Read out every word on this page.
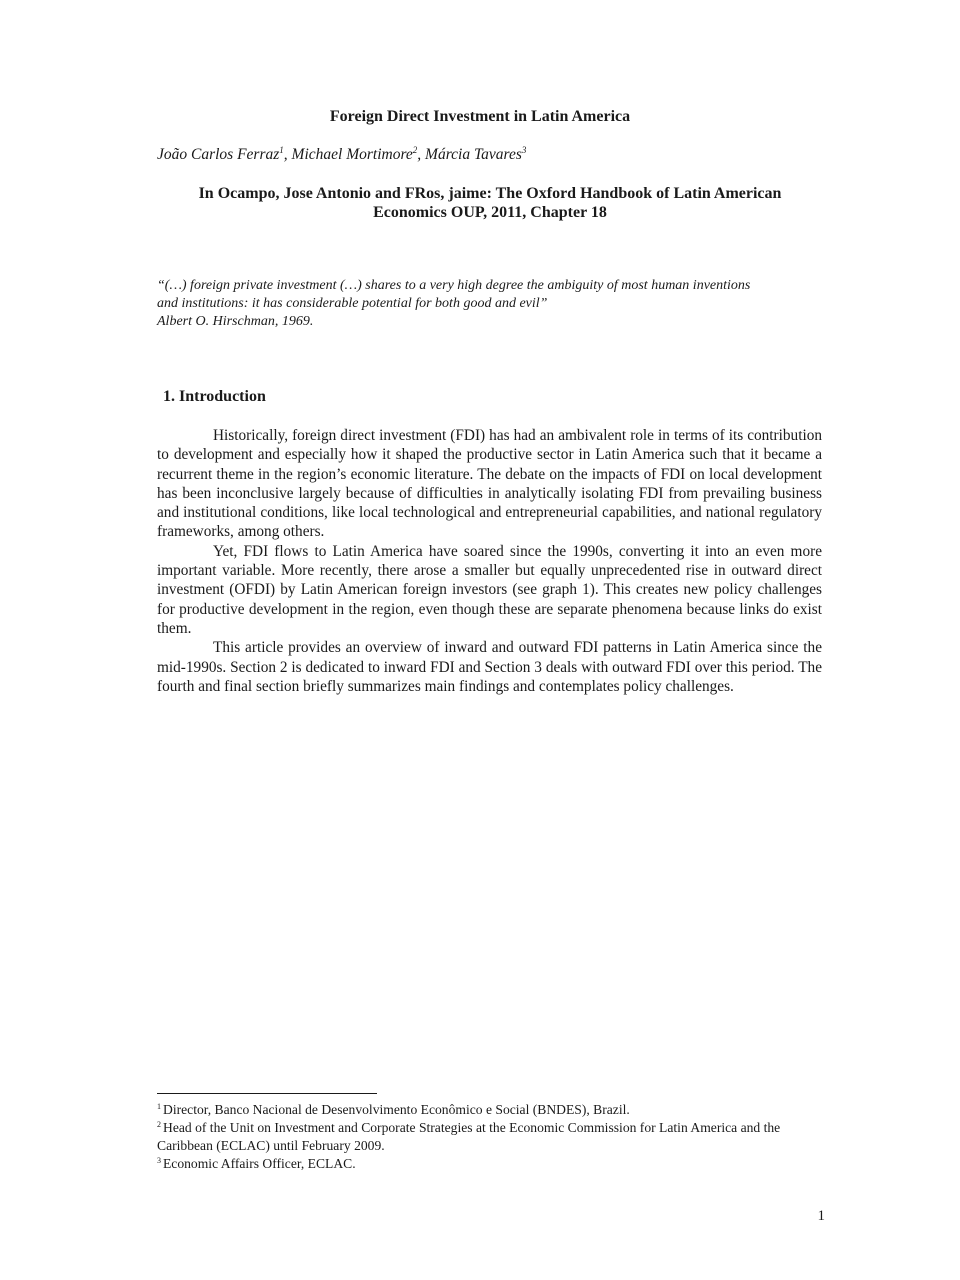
Foreign Direct Investment in Latin America
João Carlos Ferraz$^1$, Michael Mortimore$^2$, Márcia Tavares$^3$
In Ocampo, Jose Antonio and FRos, jaime: The Oxford Handbook of Latin American
Economics OUP, 2011, Chapter 18
“(…) foreign private investment (…) shares to a very high degree the ambiguity of most human inventions
and institutions: it has considerable potential for both good and evil”
Albert O. Hirschman, 1969.
1. Introduction

Historically, foreign direct investment (FDI) has had an ambivalent role in terms of its contribution to development and especially how it shaped the productive sector in Latin America such that it became a recurrent theme in the region’s economic literature. The debate on the impacts of FDI on local development has been inconclusive largely because of difficulties in analytically isolating FDI from prevailing business and institutional conditions, like local technological and entrepreneurial capabilities, and national regulatory frameworks, among others.

Yet, FDI flows to Latin America have soared since the 1990s, converting it into an even more important variable. More recently, there arose a smaller but equally unprecedented rise in outward direct investment (OFDI) by Latin American foreign investors (see graph 1). This creates new policy challenges for productive development in the region, even though these are separate phenomena because links do exist them.

This article provides an overview of inward and outward FDI patterns in Latin America since the mid-1990s. Section 2 is dedicated to inward FDI and Section 3 deals with outward FDI over this period. The fourth and final section briefly summarizes main findings and contemplates policy challenges.

$^1$ Director, Banco Nacional de Desenvolvimento Econômico e Social (BNDES), Brazil.

$^2$ Head of the Unit on Investment and Corporate Strategies at the Economic Commission for Latin America and the Caribbean (ECLAC) until February 2009.

$^3$ Economic Affairs Officer, ECLAC.

1
